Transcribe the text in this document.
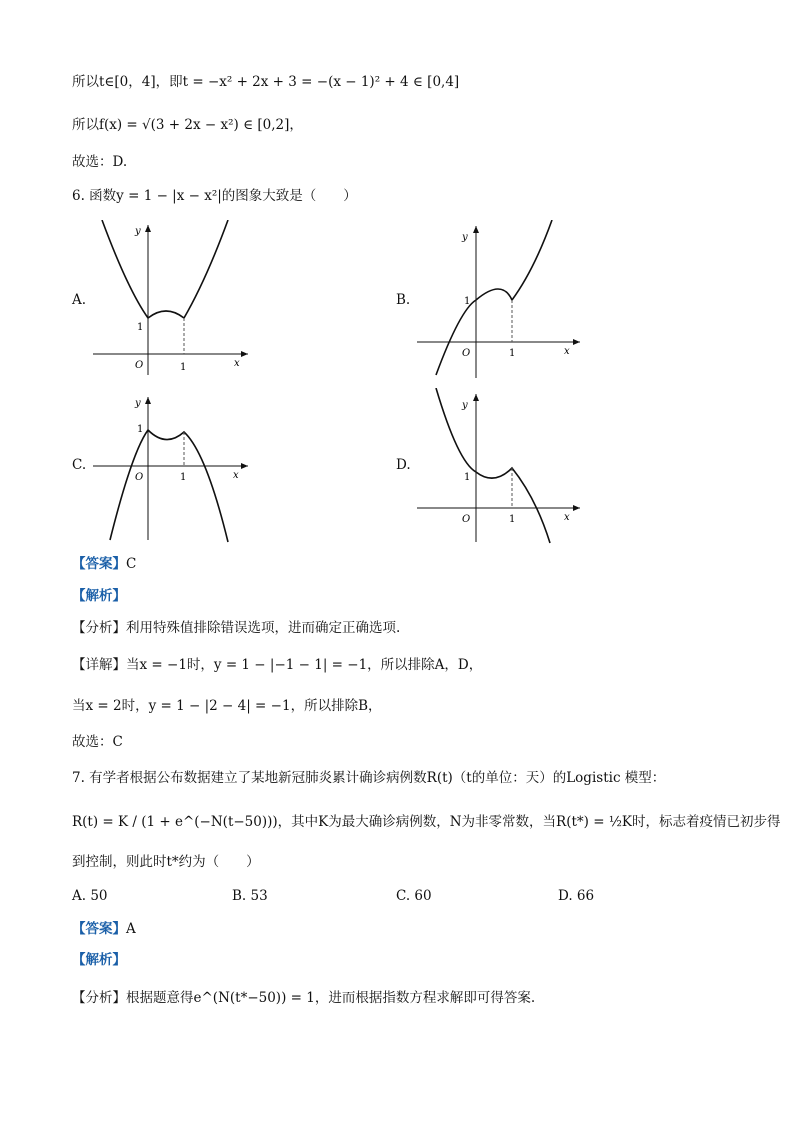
所以t∈[0，4]，即t = −x² + 2x + 3 = −(x − 1)² + 4 ∈ [0,4]
所以f(x) = √(3 + 2x − x²) ∈ [0,2]，
故选：D.
6. 函数y = 1 − |x − x²|的图象大致是（　　）
A.	B.
C.	D.
y
x
O	1
1
y
x
O	1
1
y
x
O	1
1
y
x
O	1
1
【答案】C
【解析】
【分析】利用特殊值排除错误选项，进而确定正确选项.
【详解】当x = −1时，y = 1 − |−1 − 1| = −1，所以排除A，D，
当x = 2时，y = 1 − |2 − 4| = −1，所以排除B，
故选：C
7. 有学者根据公布数据建立了某地新冠肺炎累计确诊病例数R(t)（t的单位：天）的Logistic 模型：
R(t) = K / (1 + e^(−N(t−50)))，其中K为最大确诊病例数，N为非零常数，当R(t*) = ½K时，标志着疫情已初步得
到控制，则此时t*约为（　　）
A. 50	B. 53	C. 60	D. 66
【答案】A
【解析】
【分析】根据题意得e^(N(t*−50)) = 1，进而根据指数方程求解即可得答案.
